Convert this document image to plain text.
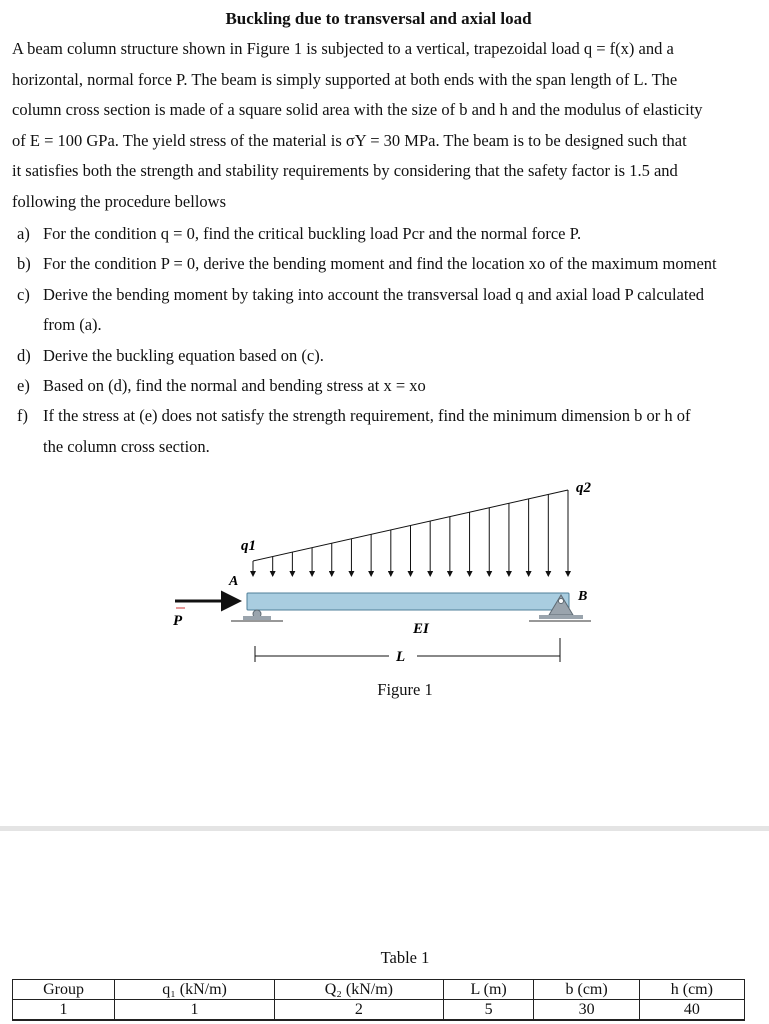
Buckling due to transversal and axial load
A beam column structure shown in Figure 1 is subjected to a vertical, trapezoidal load q = f(x) and a
horizontal, normal force P. The beam is simply supported at both ends with the span length of L. The
column cross section is made of a square solid area with the size of b and h and the modulus of elasticity
of E = 100 GPa. The yield stress of the material is σY = 30 MPa. The beam is to be designed such that
it satisfies both the strength and stability requirements by considering that the safety factor is 1.5 and
following the procedure bellows
a) For the condition q = 0, find the critical buckling load Pcr and the normal force P.
b) For the condition P = 0, derive the bending moment and find the location xo of the maximum moment
c) Derive the bending moment by taking into account the transversal load q and axial load P calculated
from (a).
d) Derive the buckling equation based on (c).
e) Based on (d), find the normal and bending stress at x = xo
f) If the stress at (e) does not satisfy the strength requirement, find the minimum dimension b or h of
the column cross section.
q1
q2
A
B
P	EI
L
Figure 1
Table 1
Group	q₁ (kN/m)	Q₂ (kN/m)	L (m)	b (cm)	h (cm)
1	1	2	5	30	40
